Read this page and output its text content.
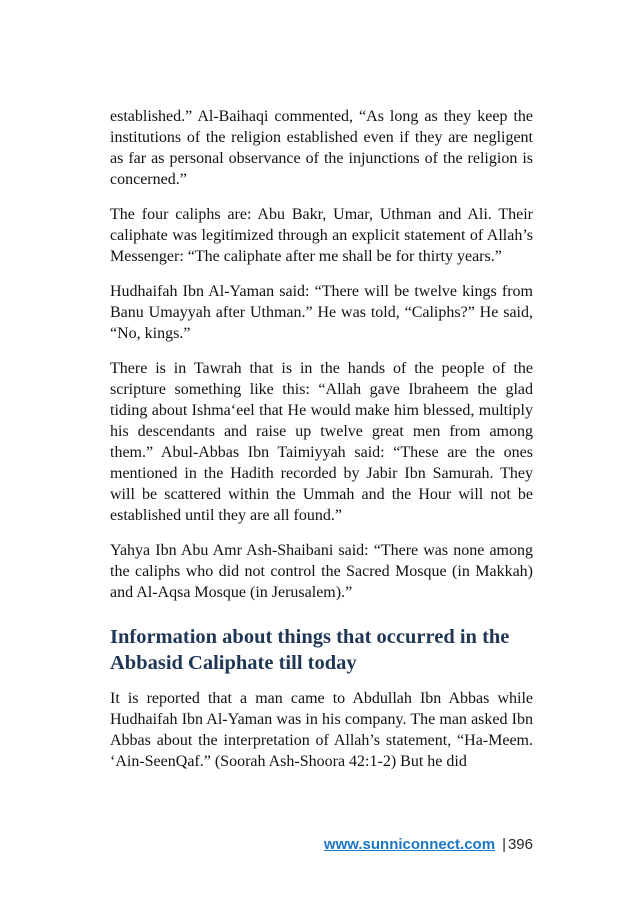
established.” Al-Baihaqi commented, “As long as they keep the institutions of the religion established even if they are negligent as far as personal observance of the injunctions of the religion is concerned.”

The four caliphs are: Abu Bakr, Umar, Uthman and Ali. Their caliphate was legitimized through an explicit statement of Allah’s Messenger: “The caliphate after me shall be for thirty years.”

Hudhaifah Ibn Al-Yaman said: “There will be twelve kings from Banu Umayyah after Uthman.” He was told, “Caliphs?” He said, “No, kings.”

There is in Tawrah that is in the hands of the people of the scripture something like this: “Allah gave Ibraheem the glad tiding about Ishma‘eel that He would make him blessed, multiply his descendants and raise up twelve great men from among them.” Abul-Abbas Ibn Taimiyyah said: “These are the ones mentioned in the Hadith recorded by Jabir Ibn Samurah. They will be scattered within the Ummah and the Hour will not be established until they are all found.”

Yahya Ibn Abu Amr Ash-Shaibani said: “There was none among the caliphs who did not control the Sacred Mosque (in Makkah) and Al-Aqsa Mosque (in Jerusalem).”

Information about things that occurred in the Abbasid Caliphate till today

It is reported that a man came to Abdullah Ibn Abbas while Hudhaifah Ibn Al-Yaman was in his company. The man asked Ibn Abbas about the interpretation of Allah’s statement, “Ha-Meem. ‘Ain-SeenQaf.” (Soorah Ash-Shoora 42:1-2) But he did

www.sunniconnect.com | 396
